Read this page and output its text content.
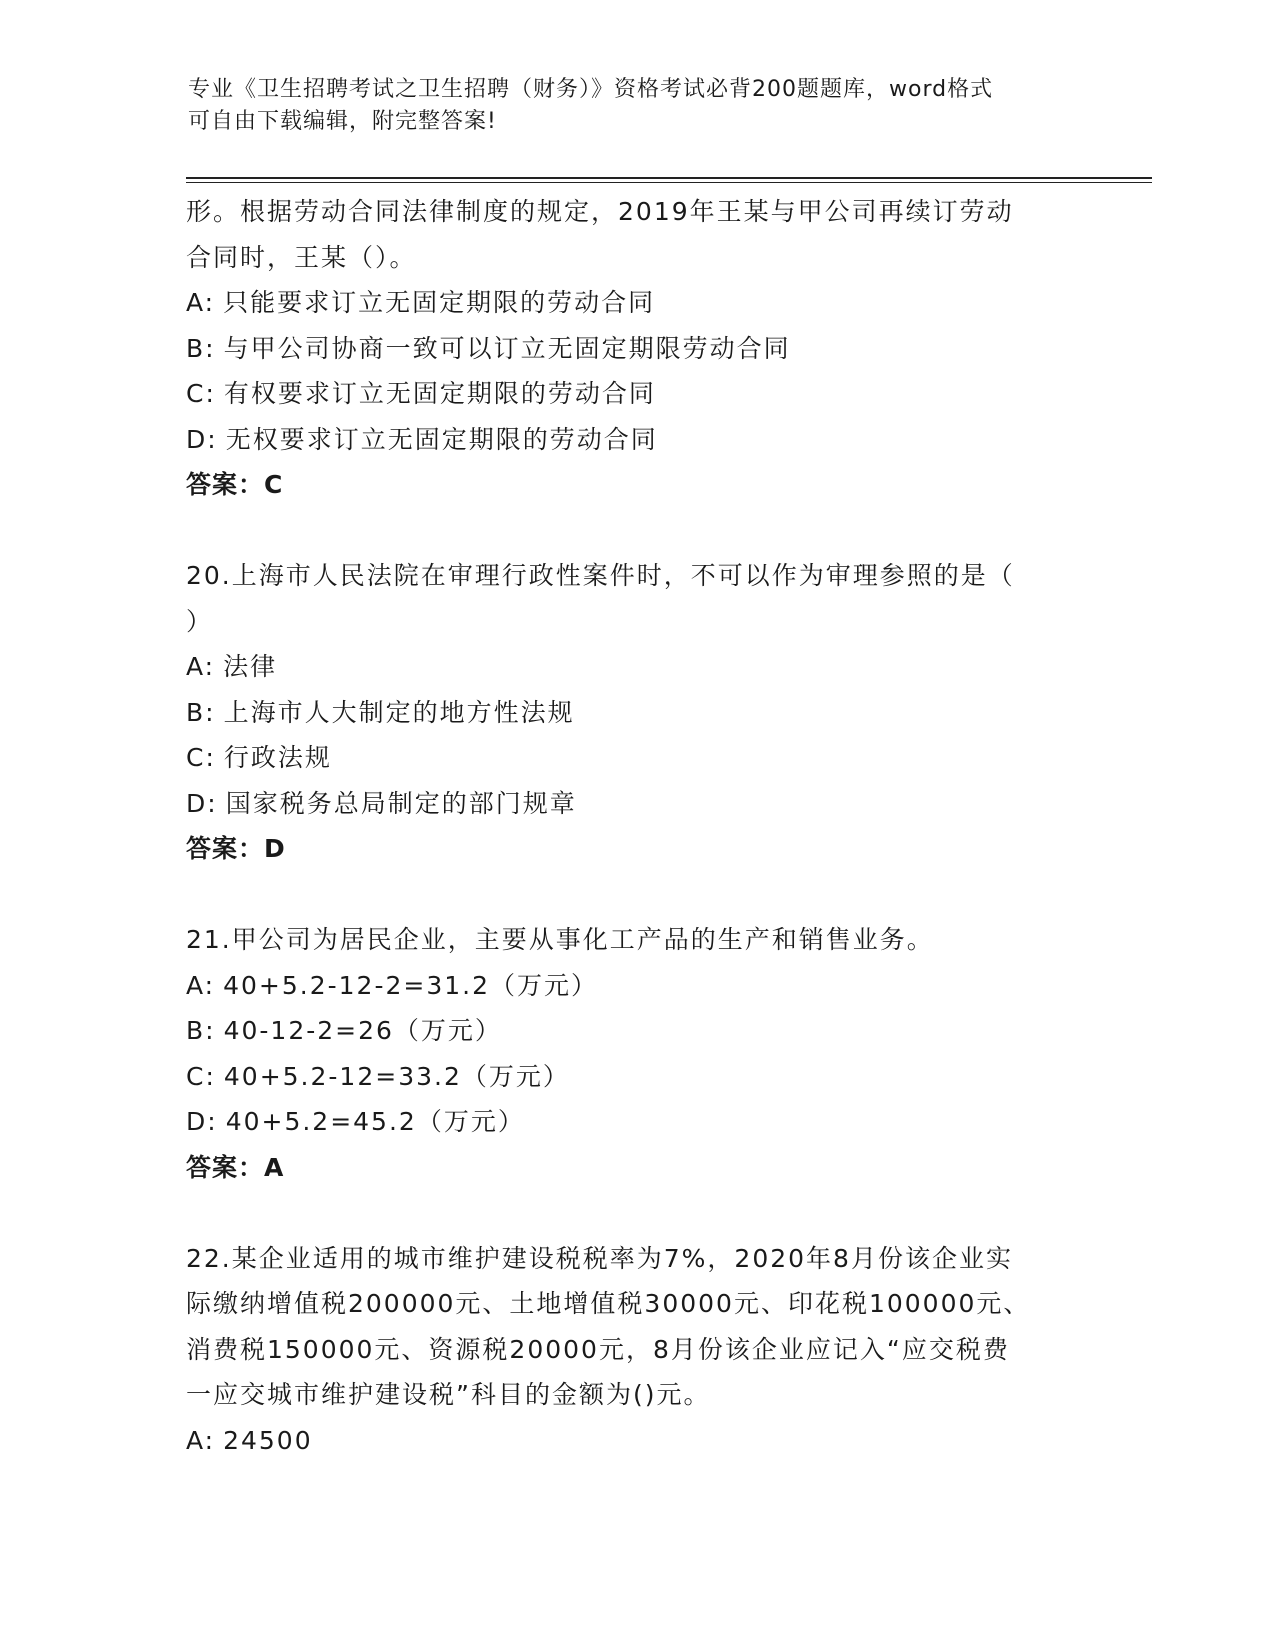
专业《卫生招聘考试之卫生招聘（财务）》资格考试必背200题题库，word格式
可自由下载编辑，附完整答案!
形。根据劳动合同法律制度的规定，2019年王某与甲公司再续订劳动
合同时，王某（）。
A: 只能要求订立无固定期限的劳动合同
B: 与甲公司协商一致可以订立无固定期限劳动合同
C: 有权要求订立无固定期限的劳动合同
D: 无权要求订立无固定期限的劳动合同
答案：C
20.上海市人民法院在审理行政性案件时，不可以作为审理参照的是（
）
A: 法律
B: 上海市人大制定的地方性法规
C: 行政法规
D: 国家税务总局制定的部门规章
答案：D
21.甲公司为居民企业，主要从事化工产品的生产和销售业务。
A: 40+5.2-12-2=31.2（万元）
B: 40-12-2=26（万元）
C: 40+5.2-12=33.2（万元）
D: 40+5.2=45.2（万元）
答案：A
22.某企业适用的城市维护建设税税率为7%，2020年8月份该企业实
际缴纳增值税200000元、土地增值税30000元、印花税100000元、
消费税150000元、资源税20000元，8月份该企业应记入“应交税费
一应交城市维护建设税”科目的金额为()元。
A: 24500
